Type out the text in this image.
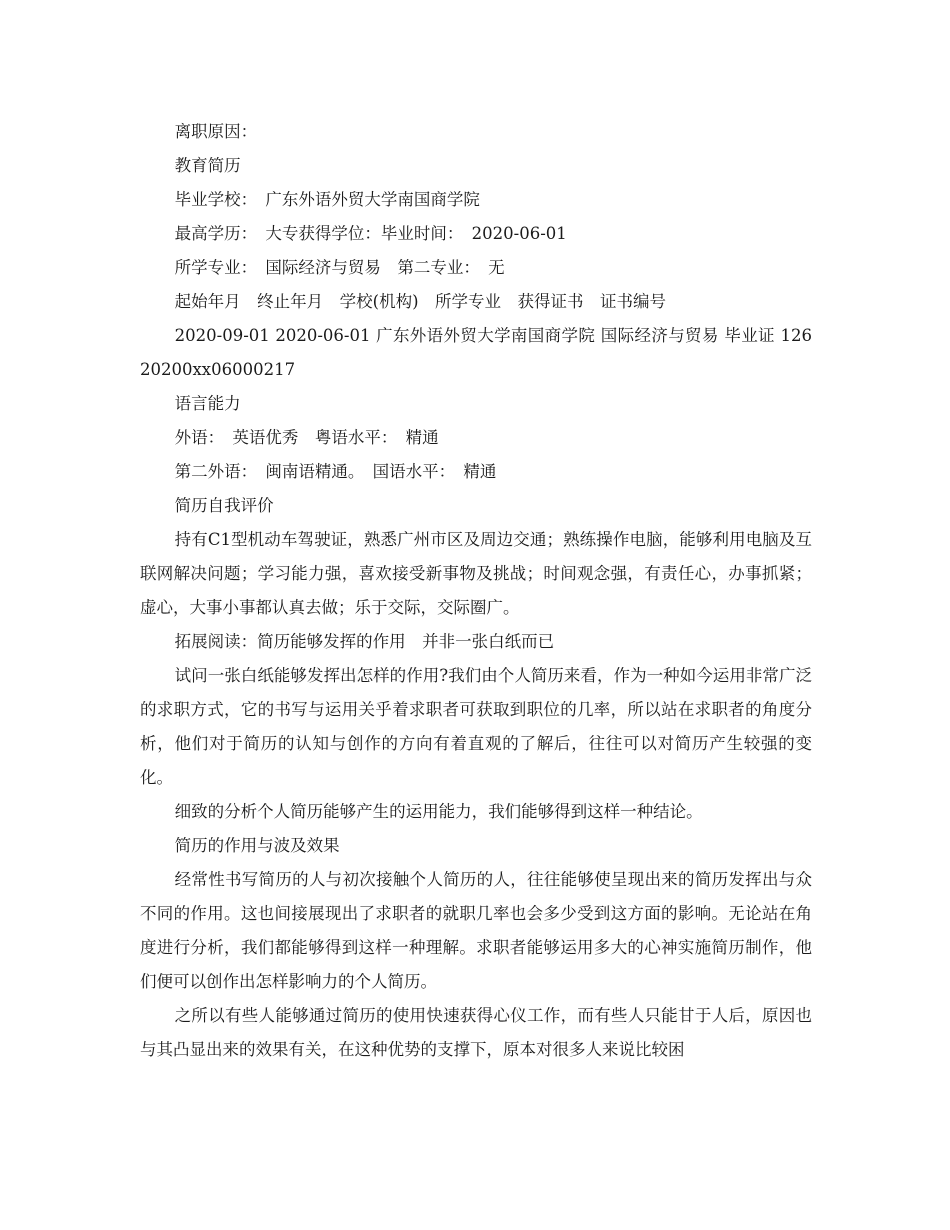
离职原因：

教育简历

毕业学校：　广东外语外贸大学南国商学院

最高学历：　大专获得学位：毕业时间：　2020-06-01

所学专业：　国际经济与贸易　第二专业：　无

起始年月　终止年月　学校(机构)　所学专业　获得证书　证书编号

2020-09-01 2020-06-01 广东外语外贸大学南国商学院 国际经济与贸易 毕业证 12620200xx06000217

语言能力

外语：　英语优秀　粤语水平：　精通

第二外语：　闽南语精通。　国语水平：　精通

简历自我评价

持有C1型机动车驾驶证，熟悉广州市区及周边交通；熟练操作电脑，能够利用电脑及互联网解决问题；学习能力强，喜欢接受新事物及挑战；时间观念强，有责任心，办事抓紧；虚心，大事小事都认真去做；乐于交际，交际圈广。

拓展阅读：简历能够发挥的作用　并非一张白纸而已

试问一张白纸能够发挥出怎样的作用?我们由个人简历来看，作为一种如今运用非常广泛的求职方式，它的书写与运用关乎着求职者可获取到职位的几率，所以站在求职者的角度分析，他们对于简历的认知与创作的方向有着直观的了解后，往往可以对简历产生较强的变化。

细致的分析个人简历能够产生的运用能力，我们能够得到这样一种结论。

简历的作用与波及效果

经常性书写简历的人与初次接触个人简历的人，往往能够使呈现出来的简历发挥出与众不同的作用。这也间接展现出了求职者的就职几率也会多少受到这方面的影响。无论站在角度进行分析，我们都能够得到这样一种理解。求职者能够运用多大的心神实施简历制作，他们便可以创作出怎样影响力的个人简历。

之所以有些人能够通过简历的使用快速获得心仪工作，而有些人只能甘于人后，原因也与其凸显出来的效果有关，在这种优势的支撑下，原本对很多人来说比较困
